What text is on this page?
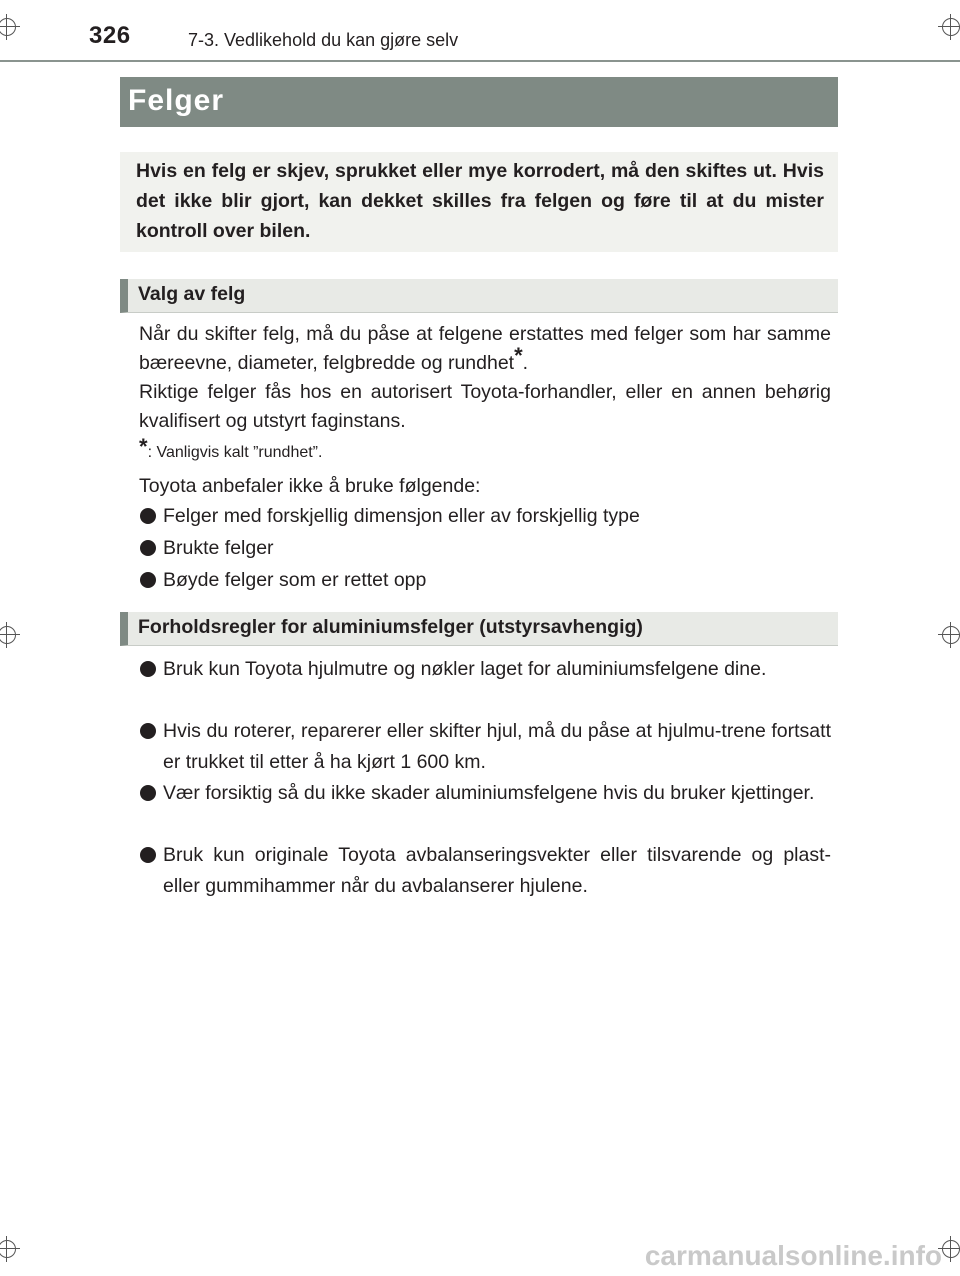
326	7-3. Vedlikehold du kan gjøre selv
Felger
Hvis en felg er skjev, sprukket eller mye korrodert, må den skiftes ut. Hvis det ikke blir gjort, kan dekket skilles fra felgen og føre til at du mister kontroll over bilen.
Valg av felg
Når du skifter felg, må du påse at felgene erstattes med felger som har samme bæreevne, diameter, felgbredde og rundhet*.
Riktige felger fås hos en autorisert Toyota-forhandler, eller en annen behørig kvalifisert og utstyrt faginstans.
*: Vanligvis kalt ”rundhet”.
Toyota anbefaler ikke å bruke følgende:
Felger med forskjellig dimensjon eller av forskjellig type
Brukte felger
Bøyde felger som er rettet opp
Forholdsregler for aluminiumsfelger (utstyrsavhengig)
Bruk kun Toyota hjulmutre og nøkler laget for aluminiumsfelgene dine.
Hvis du roterer, reparerer eller skifter hjul, må du påse at hjulmu-trene fortsatt er trukket til etter å ha kjørt 1 600 km.
Vær forsiktig så du ikke skader aluminiumsfelgene hvis du bruker kjettinger.
Bruk kun originale Toyota avbalanseringsvekter eller tilsvarende og plast- eller gummihammer når du avbalanserer hjulene.
carmanualsonline.info
